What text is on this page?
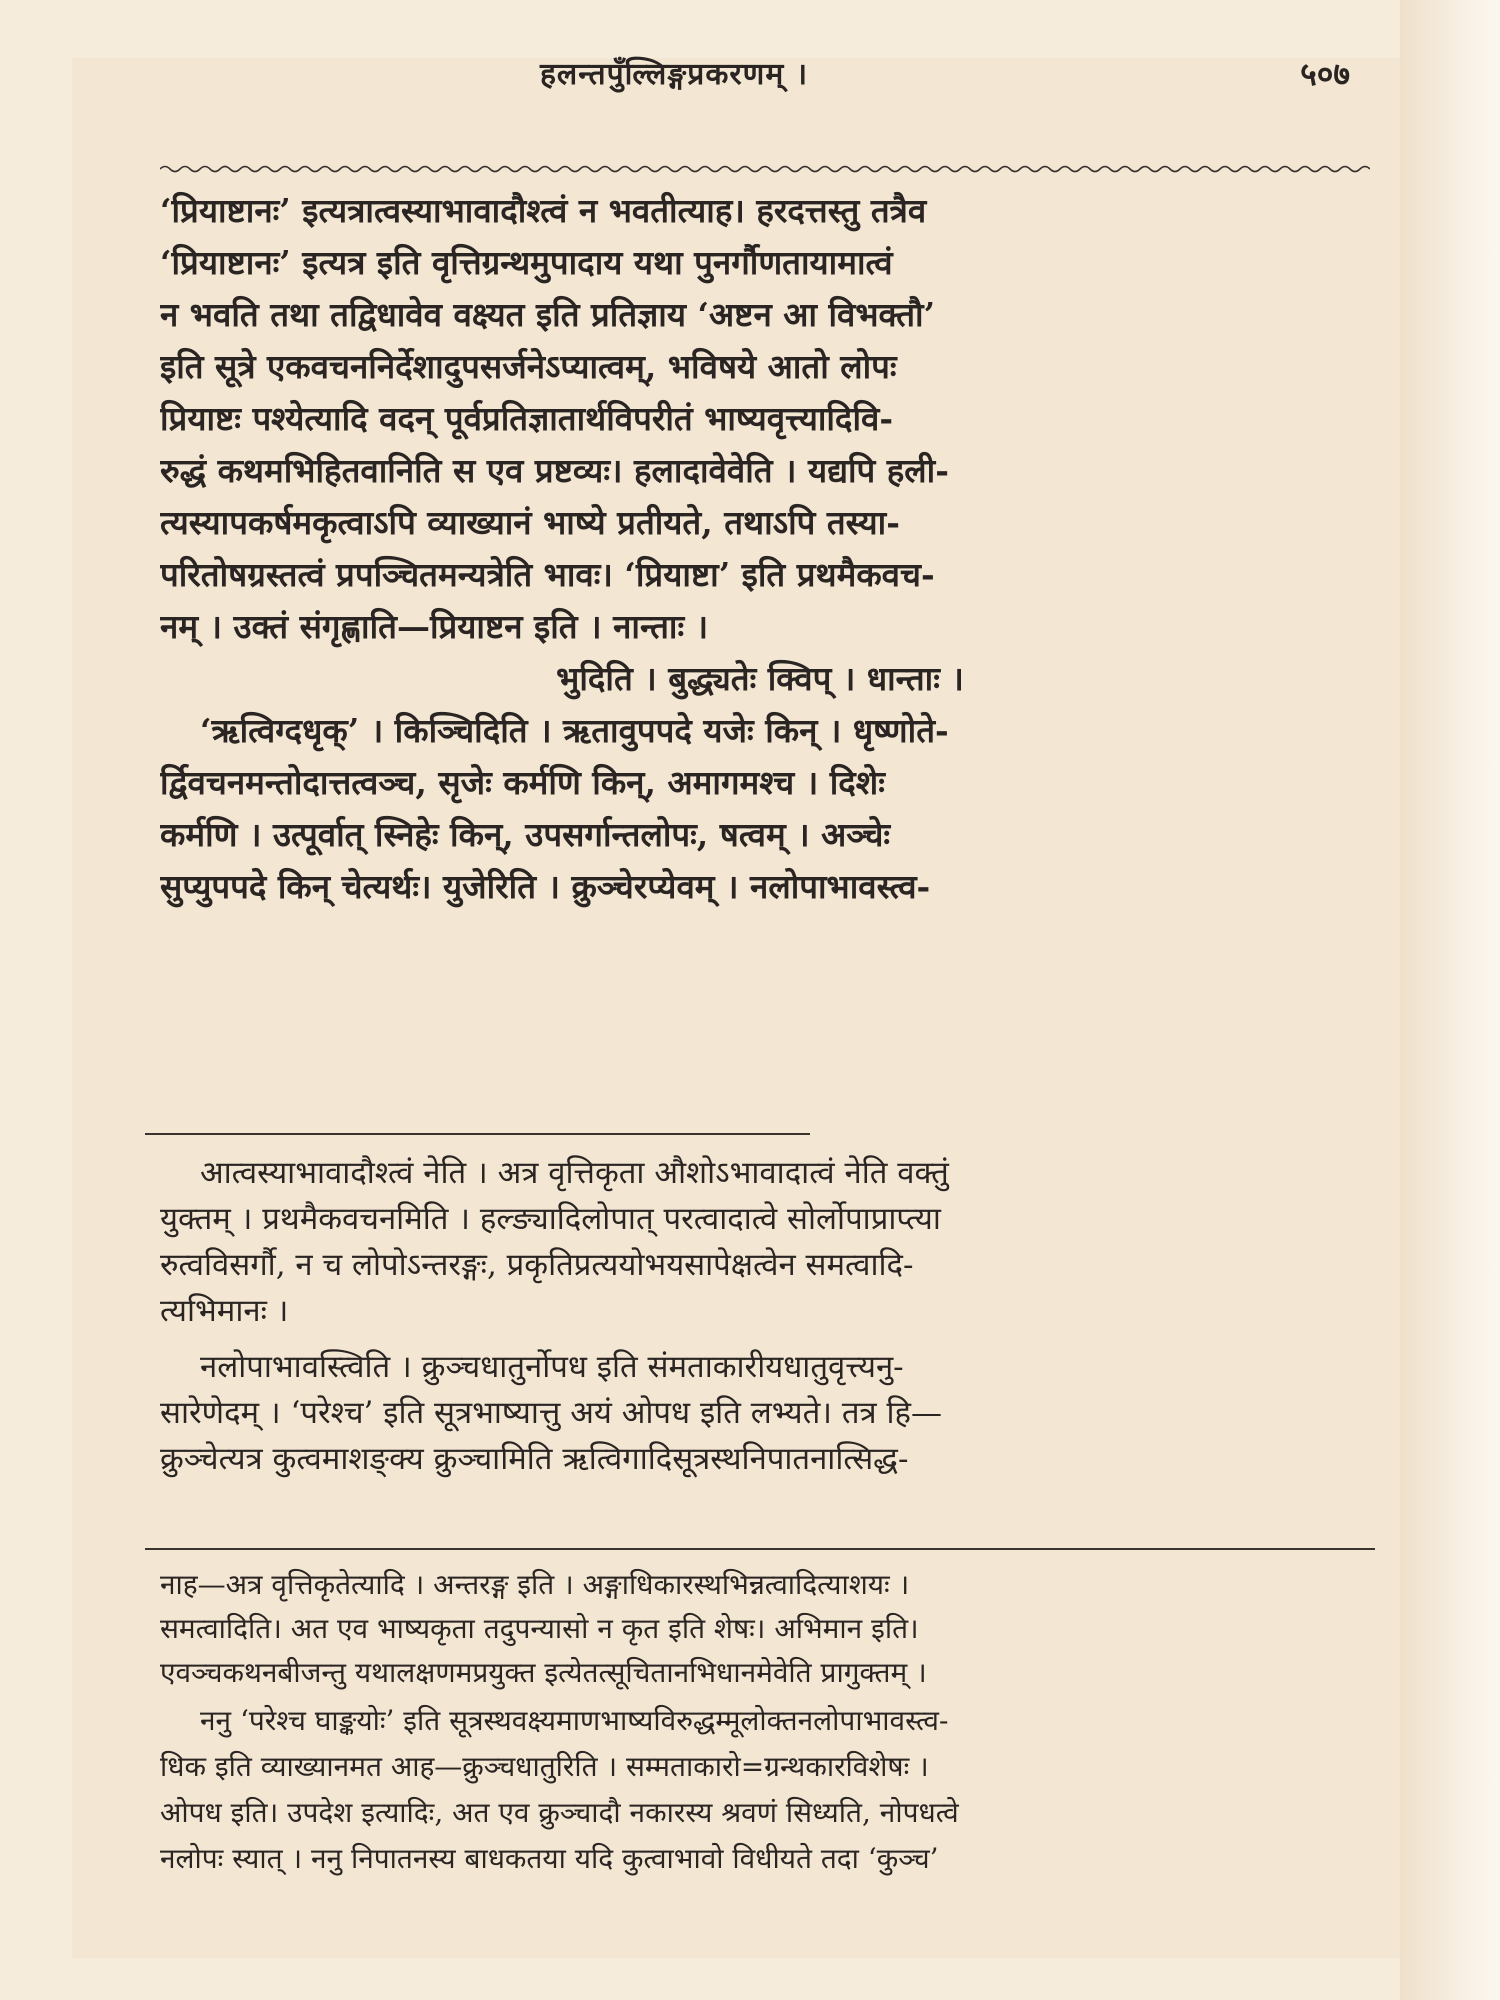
हलन्तपुँल्लिङ्गप्रकरणम् ।	५०७
‘प्रियाष्टानः’ इत्यत्रात्वस्याभावादौश्त्वं न भवतीत्याह। हरदत्तस्तु तत्रैव
‘प्रियाष्टानः’ इत्यत्र इति वृत्तिग्रन्थमुपादाय यथा पुनर्गौणतायामात्वं
न भवति तथा तद्विधावेव वक्ष्यत इति प्रतिज्ञाय ‘अष्टन आ विभक्तौ’
इति सूत्रे एकवचननिर्देशादुपसर्जनेऽप्यात्वम्, भविषये आतो लोपः
प्रियाष्टः पश्येत्यादि वदन् पूर्वप्रतिज्ञातार्थविपरीतं भाष्यवृत्त्यादिवि-
रुद्धं कथमभिहितवानिति स एव प्रष्टव्यः। हलादावेवेति । यद्यपि हली-
त्यस्यापकर्षमकृत्वाऽपि व्याख्यानं भाष्ये प्रतीयते, तथाऽपि तस्या-
परितोषग्रस्तत्वं प्रपञ्चितमन्यत्रेति भावः। ‘प्रियाष्टा’ इति प्रथमैकवच-
नम् । उक्तं संगृह्णाति—प्रियाष्टन इति । नान्ताः ।
भुदिति । बुद्ध्यतेः क्विप् । धान्ताः ।
‘ऋत्विग्दधृक्’ । किञ्चिदिति । ऋतावुपपदे यजेः किन् । धृष्णोते-
र्द्विवचनमन्तोदात्तत्वञ्च, सृजेः कर्मणि किन्, अमागमश्च । दिशेः
कर्मणि । उत्पूर्वात् स्निहेः किन्, उपसर्गान्तलोपः, षत्वम् । अञ्चेः
सुप्युपपदे किन् चेत्यर्थः। युजेरिति । क्रुञ्चेरप्येवम् । नलोपाभावस्त्व-
आत्वस्याभावादौश्त्वं नेति । अत्र वृत्तिकृता औशोऽभावादात्वं नेति वक्तुं
युक्तम् । प्रथमैकवचनमिति । हल्ङ्यादिलोपात् परत्वादात्वे सोर्लोपाप्राप्त्या
रुत्वविसर्गौ, न च लोपोऽन्तरङ्गः, प्रकृतिप्रत्ययोभयसापेक्षत्वेन समत्वादि-
त्यभिमानः ।
नलोपाभावस्त्विति । क्रुञ्चधातुर्नोपध इति संमताकारीयधातुवृत्त्यनु-
सारेणेदम् । ‘परेश्च’ इति सूत्रभाष्यात्तु अयं ओपध इति लभ्यते। तत्र हि—
क्रुञ्चेत्यत्र कुत्वमाशङ्क्य क्रुञ्चामिति ऋत्विगादिसूत्रस्थनिपातनात्सिद्ध-
नाह—अत्र वृत्तिकृतेत्यादि । अन्तरङ्ग इति । अङ्गाधिकारस्थभिन्नत्वादित्याशयः ।
समत्वादिति। अत एव भाष्यकृता तदुपन्यासो न कृत इति शेषः। अभिमान इति।
एवञ्चकथनबीजन्तु यथालक्षणमप्रयुक्त इत्येतत्सूचितानभिधानमेवेति प्रागुक्तम् ।
ननु ‘परेश्च घाङ्कयोः’ इति सूत्रस्थवक्ष्यमाणभाष्यविरुद्धम्मूलोक्तनलोपाभावस्त्व-
धिक इति व्याख्यानमत आह—क्रुञ्चधातुरिति । सम्मताकारो=ग्रन्थकारविशेषः ।
ओपध इति। उपदेश इत्यादिः, अत एव क्रुञ्चादौ नकारस्य श्रवणं सिध्यति, नोपधत्वे
नलोपः स्यात् । ननु निपातनस्य बाधकतया यदि कुत्वाभावो विधीयते तदा ‘कुञ्च’
